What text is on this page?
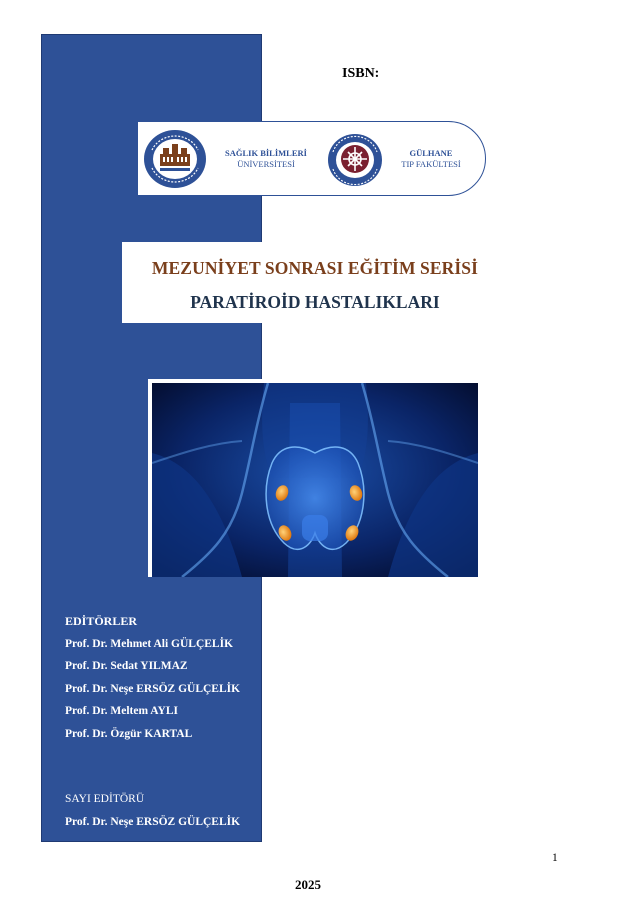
ISBN:
SAĞLIK BİLİMLERİ
ÜNİVERSİTESİ
GÜLHANE
TIP FAKÜLTESİ
MEZUNİYET SONRASI EĞİTİM SERİSİ
PARATİROİD HASTALIKLARI
EDİTÖRLER
Prof. Dr. Mehmet Ali GÜLÇELİK
Prof. Dr. Sedat YILMAZ
Prof. Dr. Neşe ERSÖZ GÜLÇELİK
Prof. Dr. Meltem AYLI
Prof. Dr. Özgür KARTAL
SAYI EDİTÖRÜ
Prof. Dr. Neşe ERSÖZ GÜLÇELİK
1
2025
